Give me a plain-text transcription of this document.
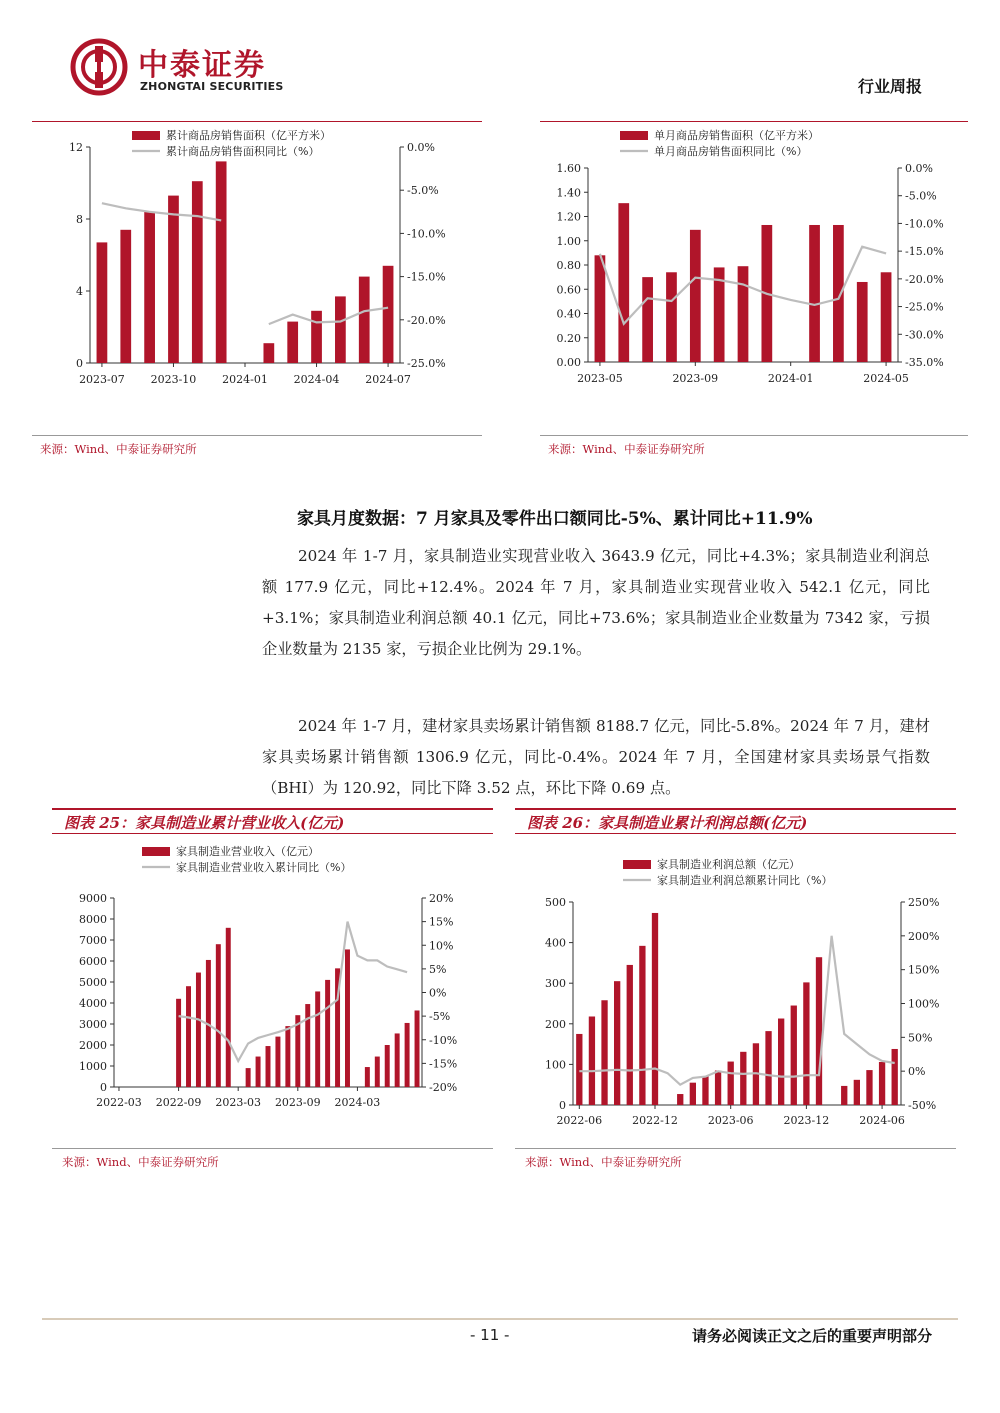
中泰证券
ZHONGTAI SECURITIES	行业周报
0
4
8
12
-25.0%
-20.0%
-15.0%
-10.0%
-5.0%
0.0%
2023-07 2023-10 2024-01 2024-04 2024-07
累计商品房销售面积（亿平方米）
累计商品房销售面积同比（%）
0.00
0.20
0.40
0.60
0.80
1.00
1.20
1.40
1.60
-35.0%
-30.0%
-25.0%
-20.0%
-15.0%
-10.0%
-5.0%
0.0%
2023-05	2023-09	2024-01	2024-05
单月商品房销售面积（亿平方米）
单月商品房销售面积同比（%）
来源：Wind、中泰证券研究所	来源：Wind、中泰证券研究所
家具月度数据：7 月家具及零件出口额同比-5%、累计同比+11.9%
2024 年 1-7 月，家具制造业实现营业收入 3643.9 亿元，同比+4.3%；家具制造业利润总额 177.9 亿元，同比+12.4%。2024 年 7 月，家具制造业实现营业收入 542.1 亿元，同比+3.1%；家具制造业利润总额 40.1 亿元，同比+73.6%；家具制造业企业数量为 7342 家，亏损企业数量为 2135 家，亏损企业比例为 29.1%。
2024 年 1-7 月，建材家具卖场累计销售额 8188.7 亿元，同比-5.8%。2024 年 7 月，建材家具卖场累计销售额 1306.9 亿元，同比-0.4%。2024 年 7 月，全国建材家具卖场景气指数（BHI）为 120.92，同比下降 3.52 点，环比下降 0.69 点。
图表 25：家具制造业累计营业收入(亿元)	图表 26：家具制造业累计利润总额(亿元)
0
1000
2000
3000
4000
5000
6000
7000
8000
9000
-20%
-15%
-10%
-5%
0%
5%
10%
15%
20%
2022-03 2022-09 2023-03 2023-09 2024-03
家具制造业营业收入（亿元）
家具制造业营业收入累计同比（%）
0
100
200
300
400
500
-50%
0%
50%
100%
150%
200%
250%
2022-06	2022-12	2023-06	2023-12	2024-06
家具制造业利润总额（亿元）
家具制造业利润总额累计同比（%）
来源：Wind、中泰证券研究所	来源：Wind、中泰证券研究所
- 11 -	请务必阅读正文之后的重要声明部分
